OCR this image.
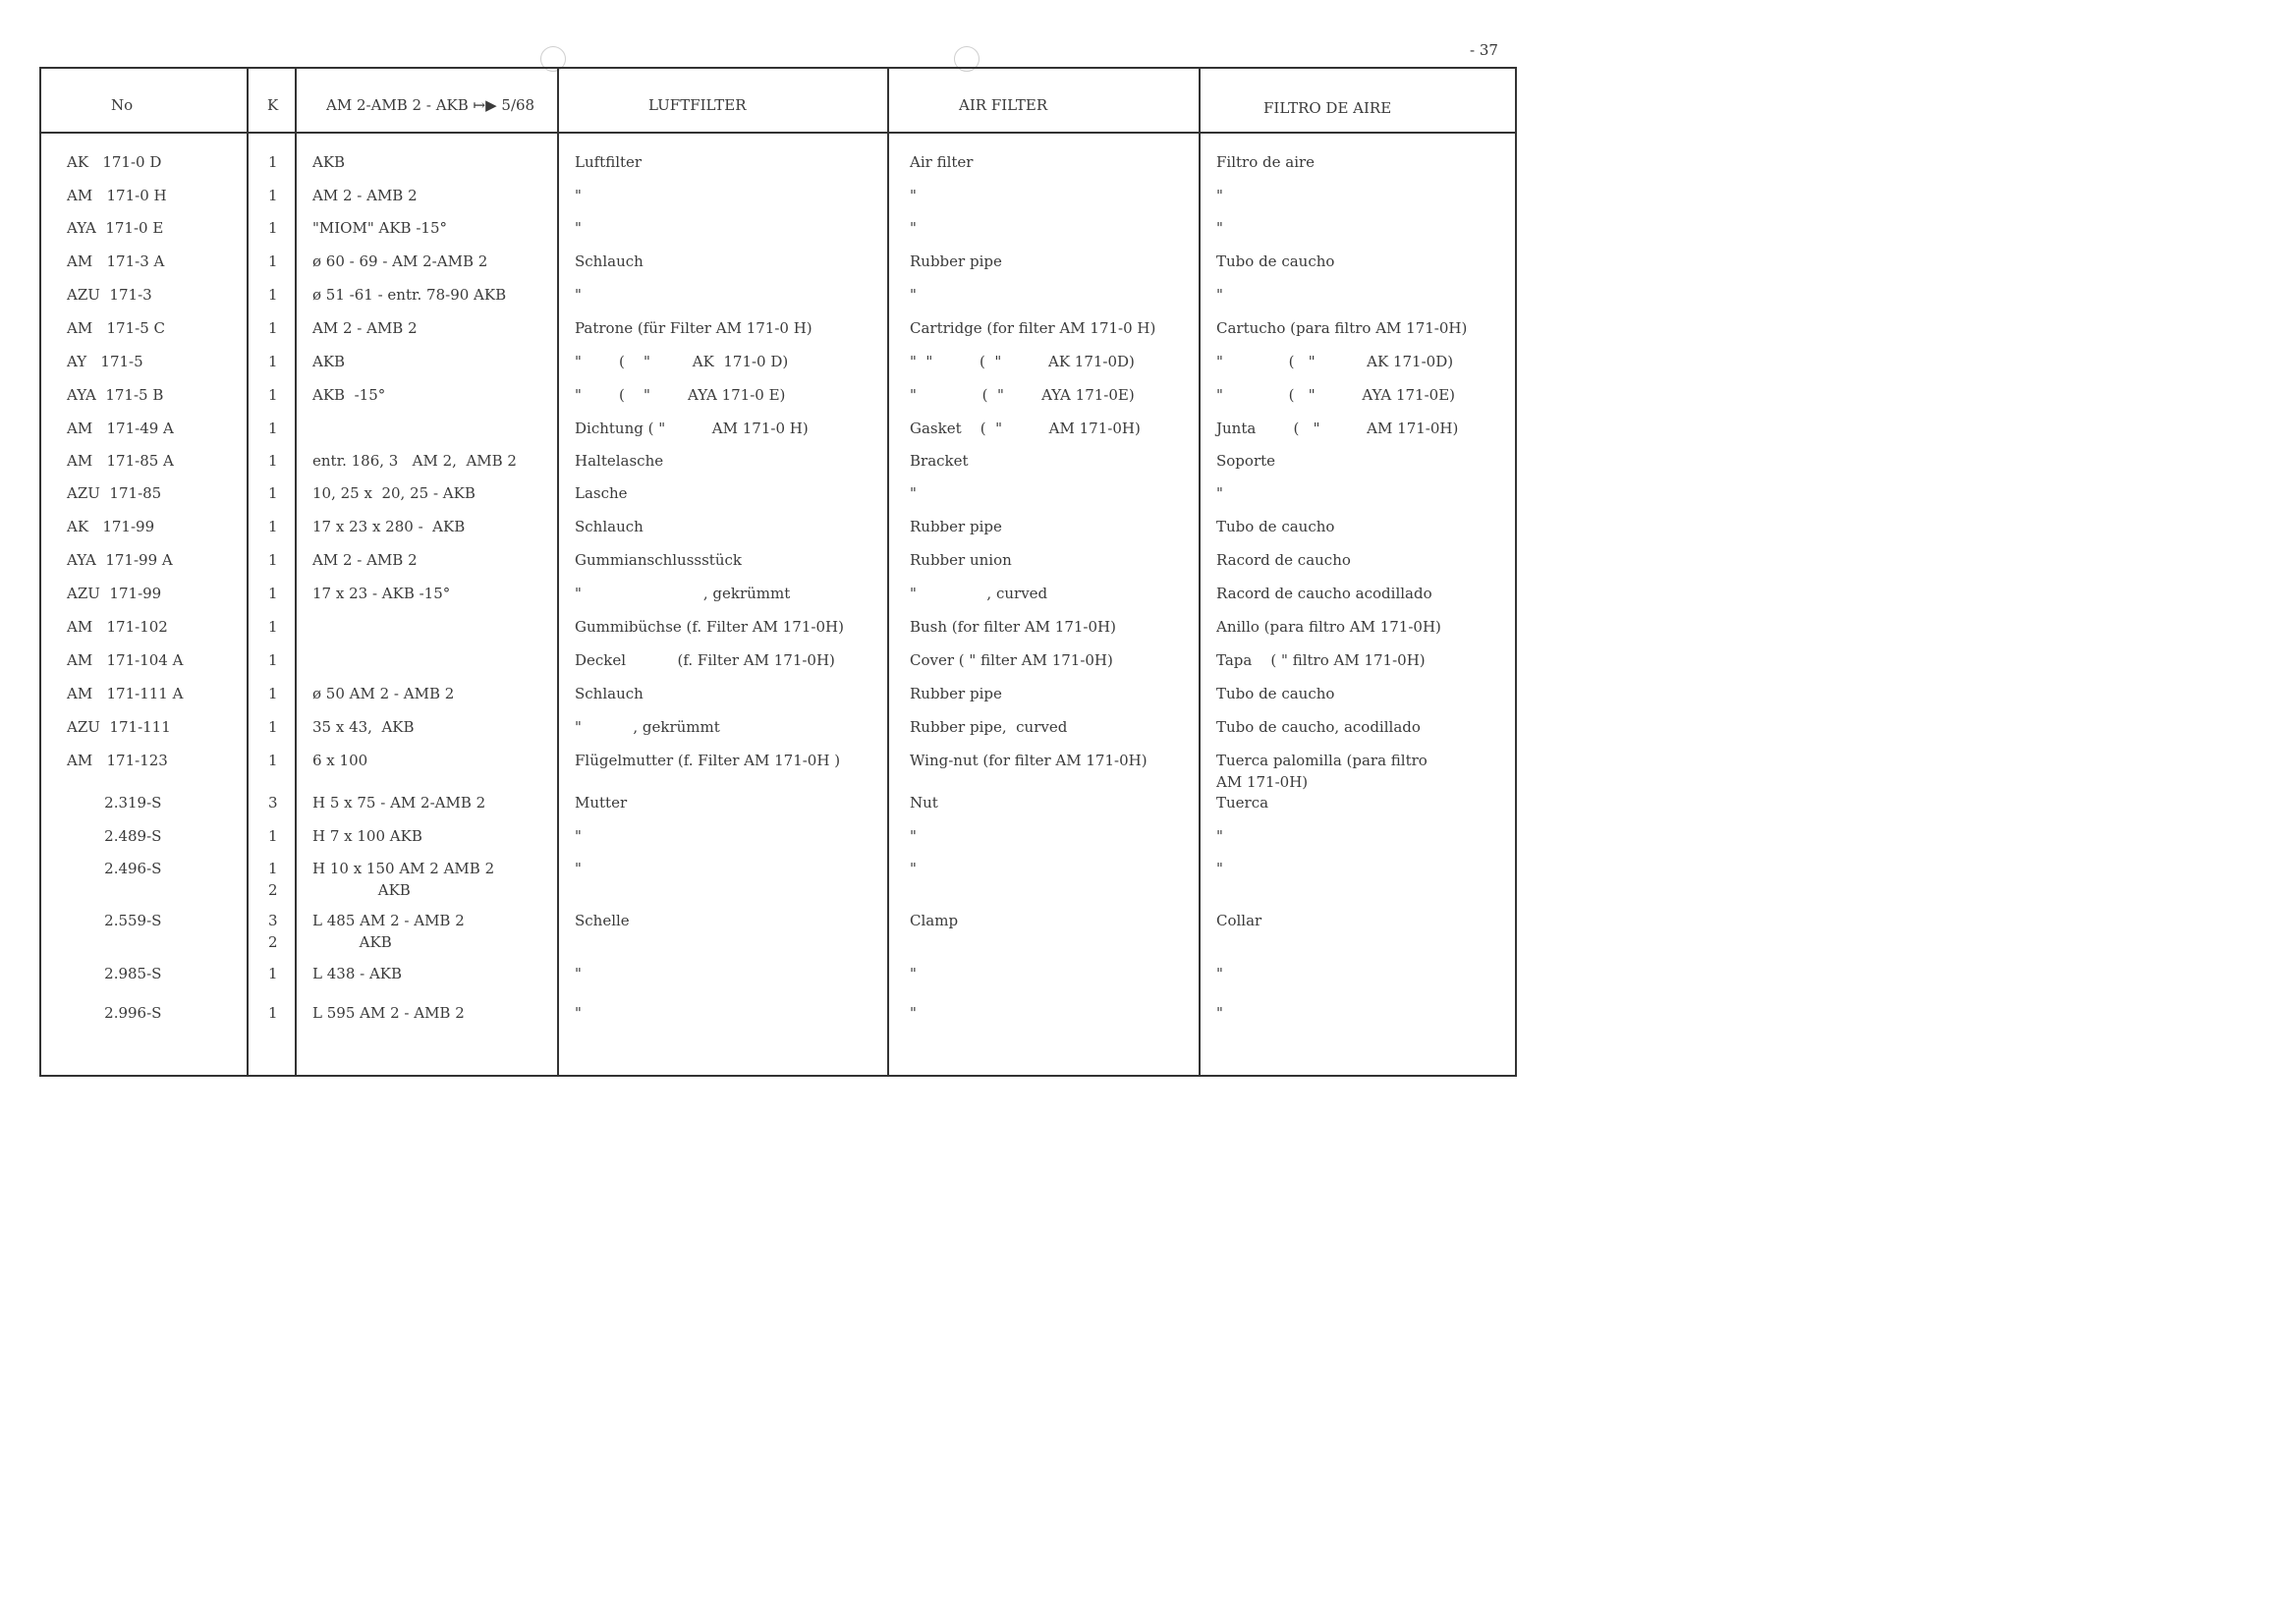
- 37
No	K	AM 2-AMB 2 - AKB ↦▶ 5/68	LUFTFILTER	AIR FILTER	FILTRO DE AIRE
AK   171-0 D	1 AKB	Luftfilter	Air filter	Filtro de aire
AM   171-0 H	1 AM 2 - AMB 2	"	"	"
AYA  171-0 E	1 "MIOM" AKB -15°	"	"	"
AM   171-3 A	1 ø 60 - 69 - AM 2-AMB 2	Schlauch	Rubber pipe	Tubo de caucho
AZU  171-3	1 ø 51 -61 - entr. 78-90 AKB	"	"	"
AM   171-5 C	1 AM 2 - AMB 2	Patrone (für Filter AM 171-0 H)	Cartridge (for filter AM 171-0 H)	Cartucho (para filtro AM 171-0H)
AY   171-5	1 AKB	"        (    "         AK  171-0 D)	"  "          (  "          AK 171-0D)	"              (   "           AK 171-0D)
AYA  171-5 B	1 AKB  -15°	"        (    "        AYA 171-0 E)	"              (  "        AYA 171-0E)	"              (   "          AYA 171-0E)
AM   171-49 A	1	Dichtung ( "          AM 171-0 H)	Gasket    (  "          AM 171-0H)	Junta        (   "          AM 171-0H)
AM   171-85 A	1 entr. 186, 3   AM 2,  AMB 2	Haltelasche	Bracket	Soporte
AZU  171-85	1 10, 25 x  20, 25 - AKB	Lasche	"	"
AK   171-99	1 17 x 23 x 280 -  AKB	Schlauch	Rubber pipe	Tubo de caucho
AYA  171-99 A	1 AM 2 - AMB 2	Gummianschlussstück	Rubber union	Racord de caucho
AZU  171-99	1 17 x 23 - AKB -15°	"                          , gekrümmt	"               , curved	Racord de caucho acodillado
AM   171-102	1	Gummibüchse (f. Filter AM 171-0H)	Bush (for filter AM 171-0H)	Anillo (para filtro AM 171-0H)
AM   171-104 A	1	Deckel           (f. Filter AM 171-0H)	Cover ( " filter AM 171-0H)	Tapa    ( " filtro AM 171-0H)
AM   171-111 A	1 ø 50 AM 2 - AMB 2	Schlauch	Rubber pipe	Tubo de caucho
AZU  171-111	1 35 x 43,  AKB	"           , gekrümmt	Rubber pipe,  curved	Tubo de caucho, acodillado
AM   171-123	1 6 x 100	Flügelmutter (f. Filter AM 171-0H )	Wing-nut (for filter AM 171-0H)	Tuerca palomilla (para filtro
AM 171-0H)
2.319-S	3 H 5 x 75 - AM 2-AMB 2	Mutter	Nut	Tuerca
2.489-S	1 H 7 x 100 AKB	"	"	"
2.496-S	1
2
H 10 x 150 AM 2 AMB 2
AKB
"	"	"
2.559-S	3
2
L 485 AM 2 - AMB 2
AKB
Schelle	Clamp	Collar
2.985-S	1 L 438 - AKB	"	"	"
2.996-S	1 L 595 AM 2 - AMB 2	"	"	"
